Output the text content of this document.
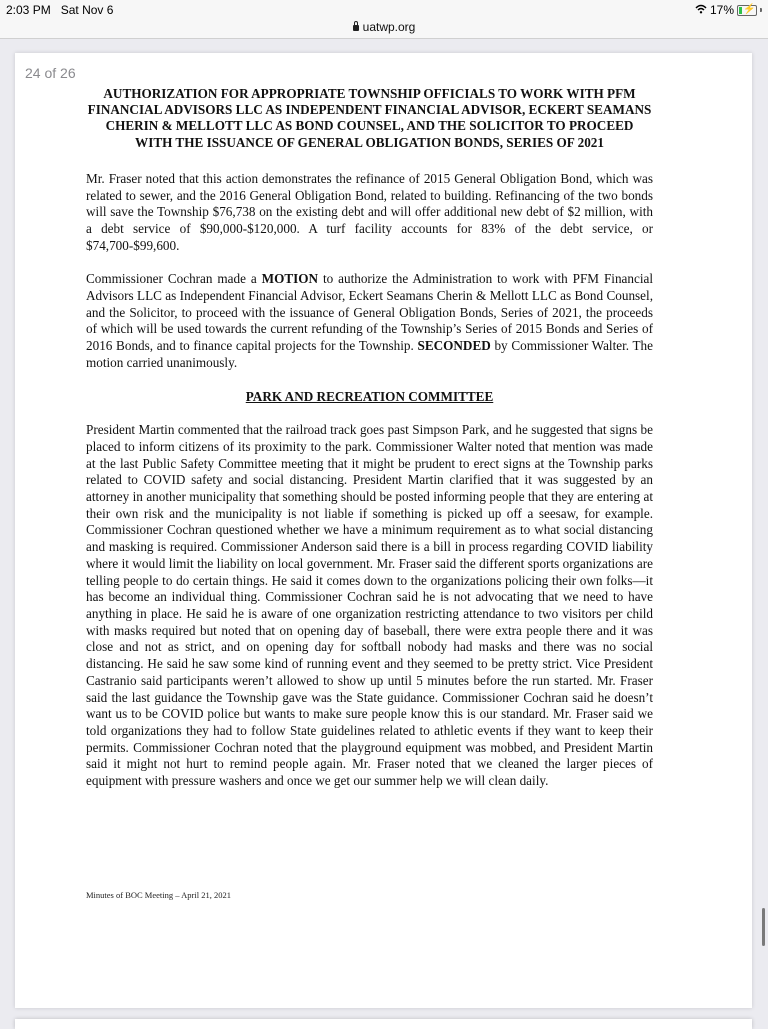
2:03 PM Sat Nov 6	17% ⚡
uatwp.org
24 of 26
AUTHORIZATION FOR APPROPRIATE TOWNSHIP OFFICIALS TO WORK WITH PFM FINANCIAL ADVISORS LLC AS INDEPENDENT FINANCIAL ADVISOR, ECKERT SEAMANS CHERIN & MELLOTT LLC AS BOND COUNSEL, AND THE SOLICITOR TO PROCEED WITH THE ISSUANCE OF GENERAL OBLIGATION BONDS, SERIES OF 2021

Mr. Fraser noted that this action demonstrates the refinance of 2015 General Obligation Bond, which was related to sewer, and the 2016 General Obligation Bond, related to building. Refinancing of the two bonds will save the Township $76,738 on the existing debt and will offer additional new debt of $2 million, with a debt service of $90,000-$120,000. A turf facility accounts for 83% of the debt service, or $74,700-$99,600.

Commissioner Cochran made a MOTION to authorize the Administration to work with PFM Financial Advisors LLC as Independent Financial Advisor, Eckert Seamans Cherin & Mellott LLC as Bond Counsel, and the Solicitor, to proceed with the issuance of General Obligation Bonds, Series of 2021, the proceeds of which will be used towards the current refunding of the Township’s Series of 2015 Bonds and Series of 2016 Bonds, and to finance capital projects for the Township. SECONDED by Commissioner Walter. The motion carried unanimously.

PARK AND RECREATION COMMITTEE

President Martin commented that the railroad track goes past Simpson Park, and he suggested that signs be placed to inform citizens of its proximity to the park. Commissioner Walter noted that mention was made at the last Public Safety Committee meeting that it might be prudent to erect signs at the Township parks related to COVID safety and social distancing. President Martin clarified that it was suggested by an attorney in another municipality that something should be posted informing people that they are entering at their own risk and the municipality is not liable if something is picked up off a seesaw, for example. Commissioner Cochran questioned whether we have a minimum requirement as to what social distancing and masking is required. Commissioner Anderson said there is a bill in process regarding COVID liability where it would limit the liability on local government. Mr. Fraser said the different sports organizations are telling people to do certain things. He said it comes down to the organizations policing their own folks—it has become an individual thing. Commissioner Cochran said he is not advocating that we need to have anything in place. He said he is aware of one organization restricting attendance to two visitors per child with masks required but noted that on opening day of baseball, there were extra people there and it was close and not as strict, and on opening day for softball nobody had masks and there was no social distancing. He said he saw some kind of running event and they seemed to be pretty strict. Vice President Castranio said participants weren’t allowed to show up until 5 minutes before the run started. Mr. Fraser said the last guidance the Township gave was the State guidance. Commissioner Cochran said he doesn’t want us to be COVID police but wants to make sure people know this is our standard. Mr. Fraser said we told organizations they had to follow State guidelines related to athletic events if they want to keep their permits. Commissioner Cochran noted that the playground equipment was mobbed, and President Martin said it might not hurt to remind people again. Mr. Fraser noted that we cleaned the larger pieces of equipment with pressure washers and once we get our summer help we will clean daily.

Minutes of BOC Meeting – April 21, 2021
